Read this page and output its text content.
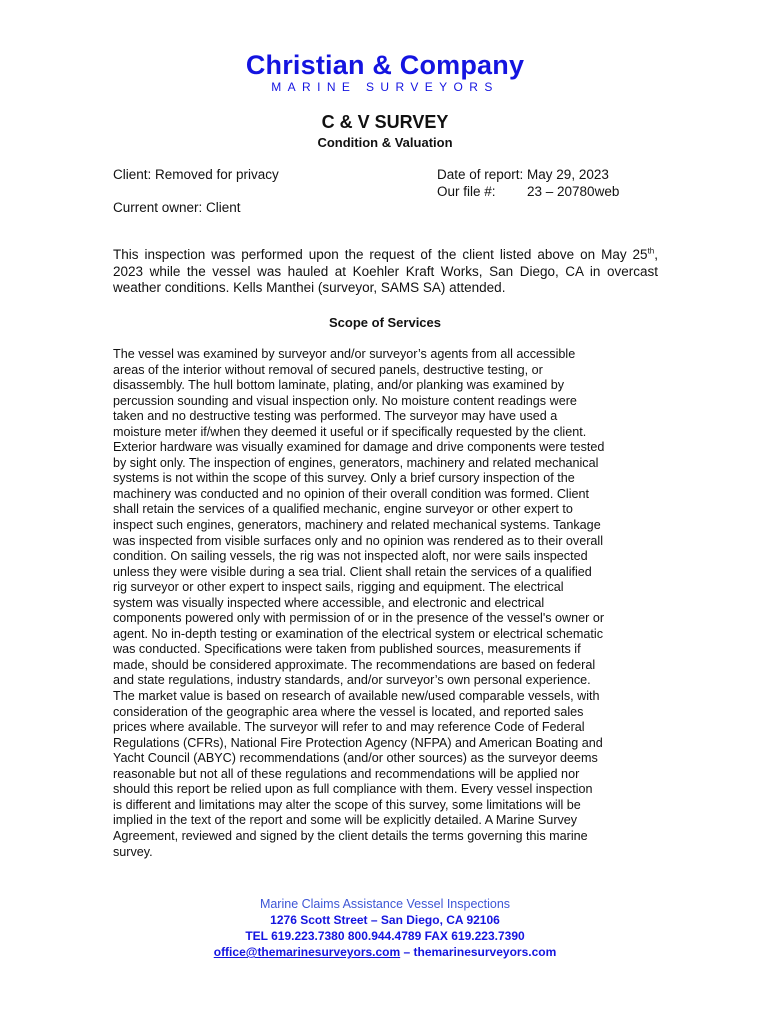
Christian & Company
MARINE SURVEYORS
C & V SURVEY
Condition & Valuation
Client: Removed for privacy
Current owner: Client
Date of report: May 29, 2023
Our file #: 23 – 20780web
This inspection was performed upon the request of the client listed above on May 25th, 2023 while the vessel was hauled at Koehler Kraft Works, San Diego, CA in overcast weather conditions. Kells Manthei (surveyor, SAMS SA) attended.
Scope of Services
The vessel was examined by surveyor and/or surveyor’s agents from all accessible
areas of the interior without removal of secured panels, destructive testing, or
disassembly. The hull bottom laminate, plating, and/or planking was examined by
percussion sounding and visual inspection only. No moisture content readings were
taken and no destructive testing was performed. The surveyor may have used a
moisture meter if/when they deemed it useful or if specifically requested by the client.
Exterior hardware was visually examined for damage and drive components were tested
by sight only. The inspection of engines, generators, machinery and related mechanical
systems is not within the scope of this survey. Only a brief cursory inspection of the
machinery was conducted and no opinion of their overall condition was formed. Client
shall retain the services of a qualified mechanic, engine surveyor or other expert to
inspect such engines, generators, machinery and related mechanical systems. Tankage
was inspected from visible surfaces only and no opinion was rendered as to their overall
condition. On sailing vessels, the rig was not inspected aloft, nor were sails inspected
unless they were visible during a sea trial. Client shall retain the services of a qualified
rig surveyor or other expert to inspect sails, rigging and equipment. The electrical
system was visually inspected where accessible, and electronic and electrical
components powered only with permission of or in the presence of the vessel's owner or
agent. No in-depth testing or examination of the electrical system or electrical schematic
was conducted. Specifications were taken from published sources, measurements if
made, should be considered approximate. The recommendations are based on federal
and state regulations, industry standards, and/or surveyor’s own personal experience.
The market value is based on research of available new/used comparable vessels, with
consideration of the geographic area where the vessel is located, and reported sales
prices where available. The surveyor will refer to and may reference Code of Federal
Regulations (CFRs), National Fire Protection Agency (NFPA) and American Boating and
Yacht Council (ABYC) recommendations (and/or other sources) as the surveyor deems
reasonable but not all of these regulations and recommendations will be applied nor
should this report be relied upon as full compliance with them. Every vessel inspection
is different and limitations may alter the scope of this survey, some limitations will be
implied in the text of the report and some will be explicitly detailed. A Marine Survey
Agreement, reviewed and signed by the client details the terms governing this marine
survey.
Marine Claims Assistance Vessel Inspections
1276 Scott Street – San Diego, CA 92106
TEL 619.223.7380 800.944.4789 FAX 619.223.7390
office@themarinesurveyors.com – themarinesurveyors.com
